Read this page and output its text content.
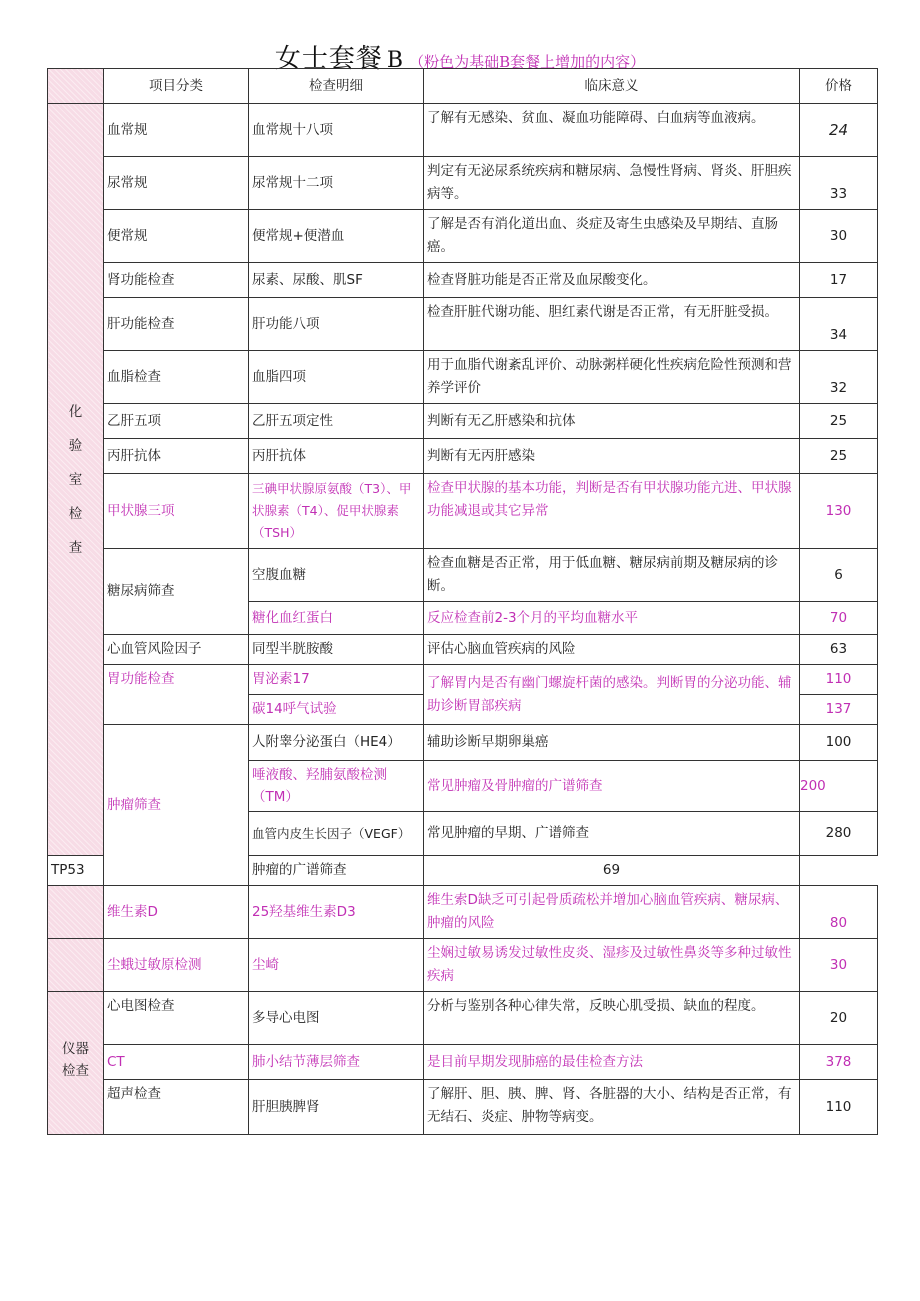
女士套餐 B （粉色为基础B套餐上增加的内容）
	项目分类	检查明细	临床意义	价格
化验室检查	血常规	血常规十八项	了解有无感染、贫血、凝血功能障碍、白血病等血液病。	24
	尿常规	尿常规十二项	判定有无泌尿系统疾病和糖尿病、急慢性肾病、肾炎、肝胆疾病等。	33
	便常规	便常规+便潜血	了解是否有消化道出血、炎症及寄生虫感染及早期结、直肠癌。	30
	肾功能检查	尿素、尿酸、肌SF	检查肾脏功能是否正常及血尿酸变化。	17
	肝功能检查	肝功能八项	检查肝脏代谢功能、胆红素代谢是否正常，有无肝脏受损。	34
	血脂检查	血脂四项	用于血脂代谢紊乱评价、动脉粥样硬化性疾病危险性预测和营养学评价	32
	乙肝五项	乙肝五项定性	判断有无乙肝感染和抗体	25
	丙肝抗体	丙肝抗体	判断有无丙肝感染	25
	甲状腺三项	三碘甲状腺原氨酸（T3）、甲状腺素（T4）、促甲状腺素（TSH）	检查甲状腺的基本功能，判断是否有甲状腺功能亢进、甲状腺功能减退或其它异常	130
	糖尿病筛查	空腹血糖	检查血糖是否正常，用于低血糖、糖尿病前期及糖尿病的诊断。	6
		糖化血红蛋白	反应检查前2-3个月的平均血糖水平	70
	心血管风险因子	同型半胱胺酸	评估心脑血管疾病的风险	63
	胃功能检查	胃泌素17	了解胃内是否有幽门螺旋杆菌的感染。判断胃的分泌功能、辅助诊断胃部疾病	110
		碳14呼气试验		137
	肿瘤筛查	人附睾分泌蛋白（HE4）	辅助诊断早期卵巢癌	100
		唾液酸、羟脯氨酸检测（TM）	常见肿瘤及骨肿瘤的广谱筛查	200
		血管内皮生长因子（VEGF）	常见肿瘤的早期、广谱筛查	280
TP53		肿瘤的广谱筛查	69	
	维生素D	25羟基维生素D3	维生索D缺乏可引起骨质疏松并增加心脑血管疾病、糖尿病、肿瘤的风险	80
	尘蛾过敏原检测	尘崎	尘娴过敏易诱发过敏性皮炎、湿疹及过敏性鼻炎等多种过敏性疾病	30
仪器检查	心电图检查	多导心电图	分析与鉴别各种心律失常，反映心肌受损、缺血的程度。	20
	CT	肺小结节薄层筛查	是目前早期发现肺癌的最佳检查方法	378
	超声检查	肝胆胰脾肾	了解肝、胆、胰、脾、肾、各脏器的大小、结构是否正常，有无结石、炎症、肿物等病变。	110
